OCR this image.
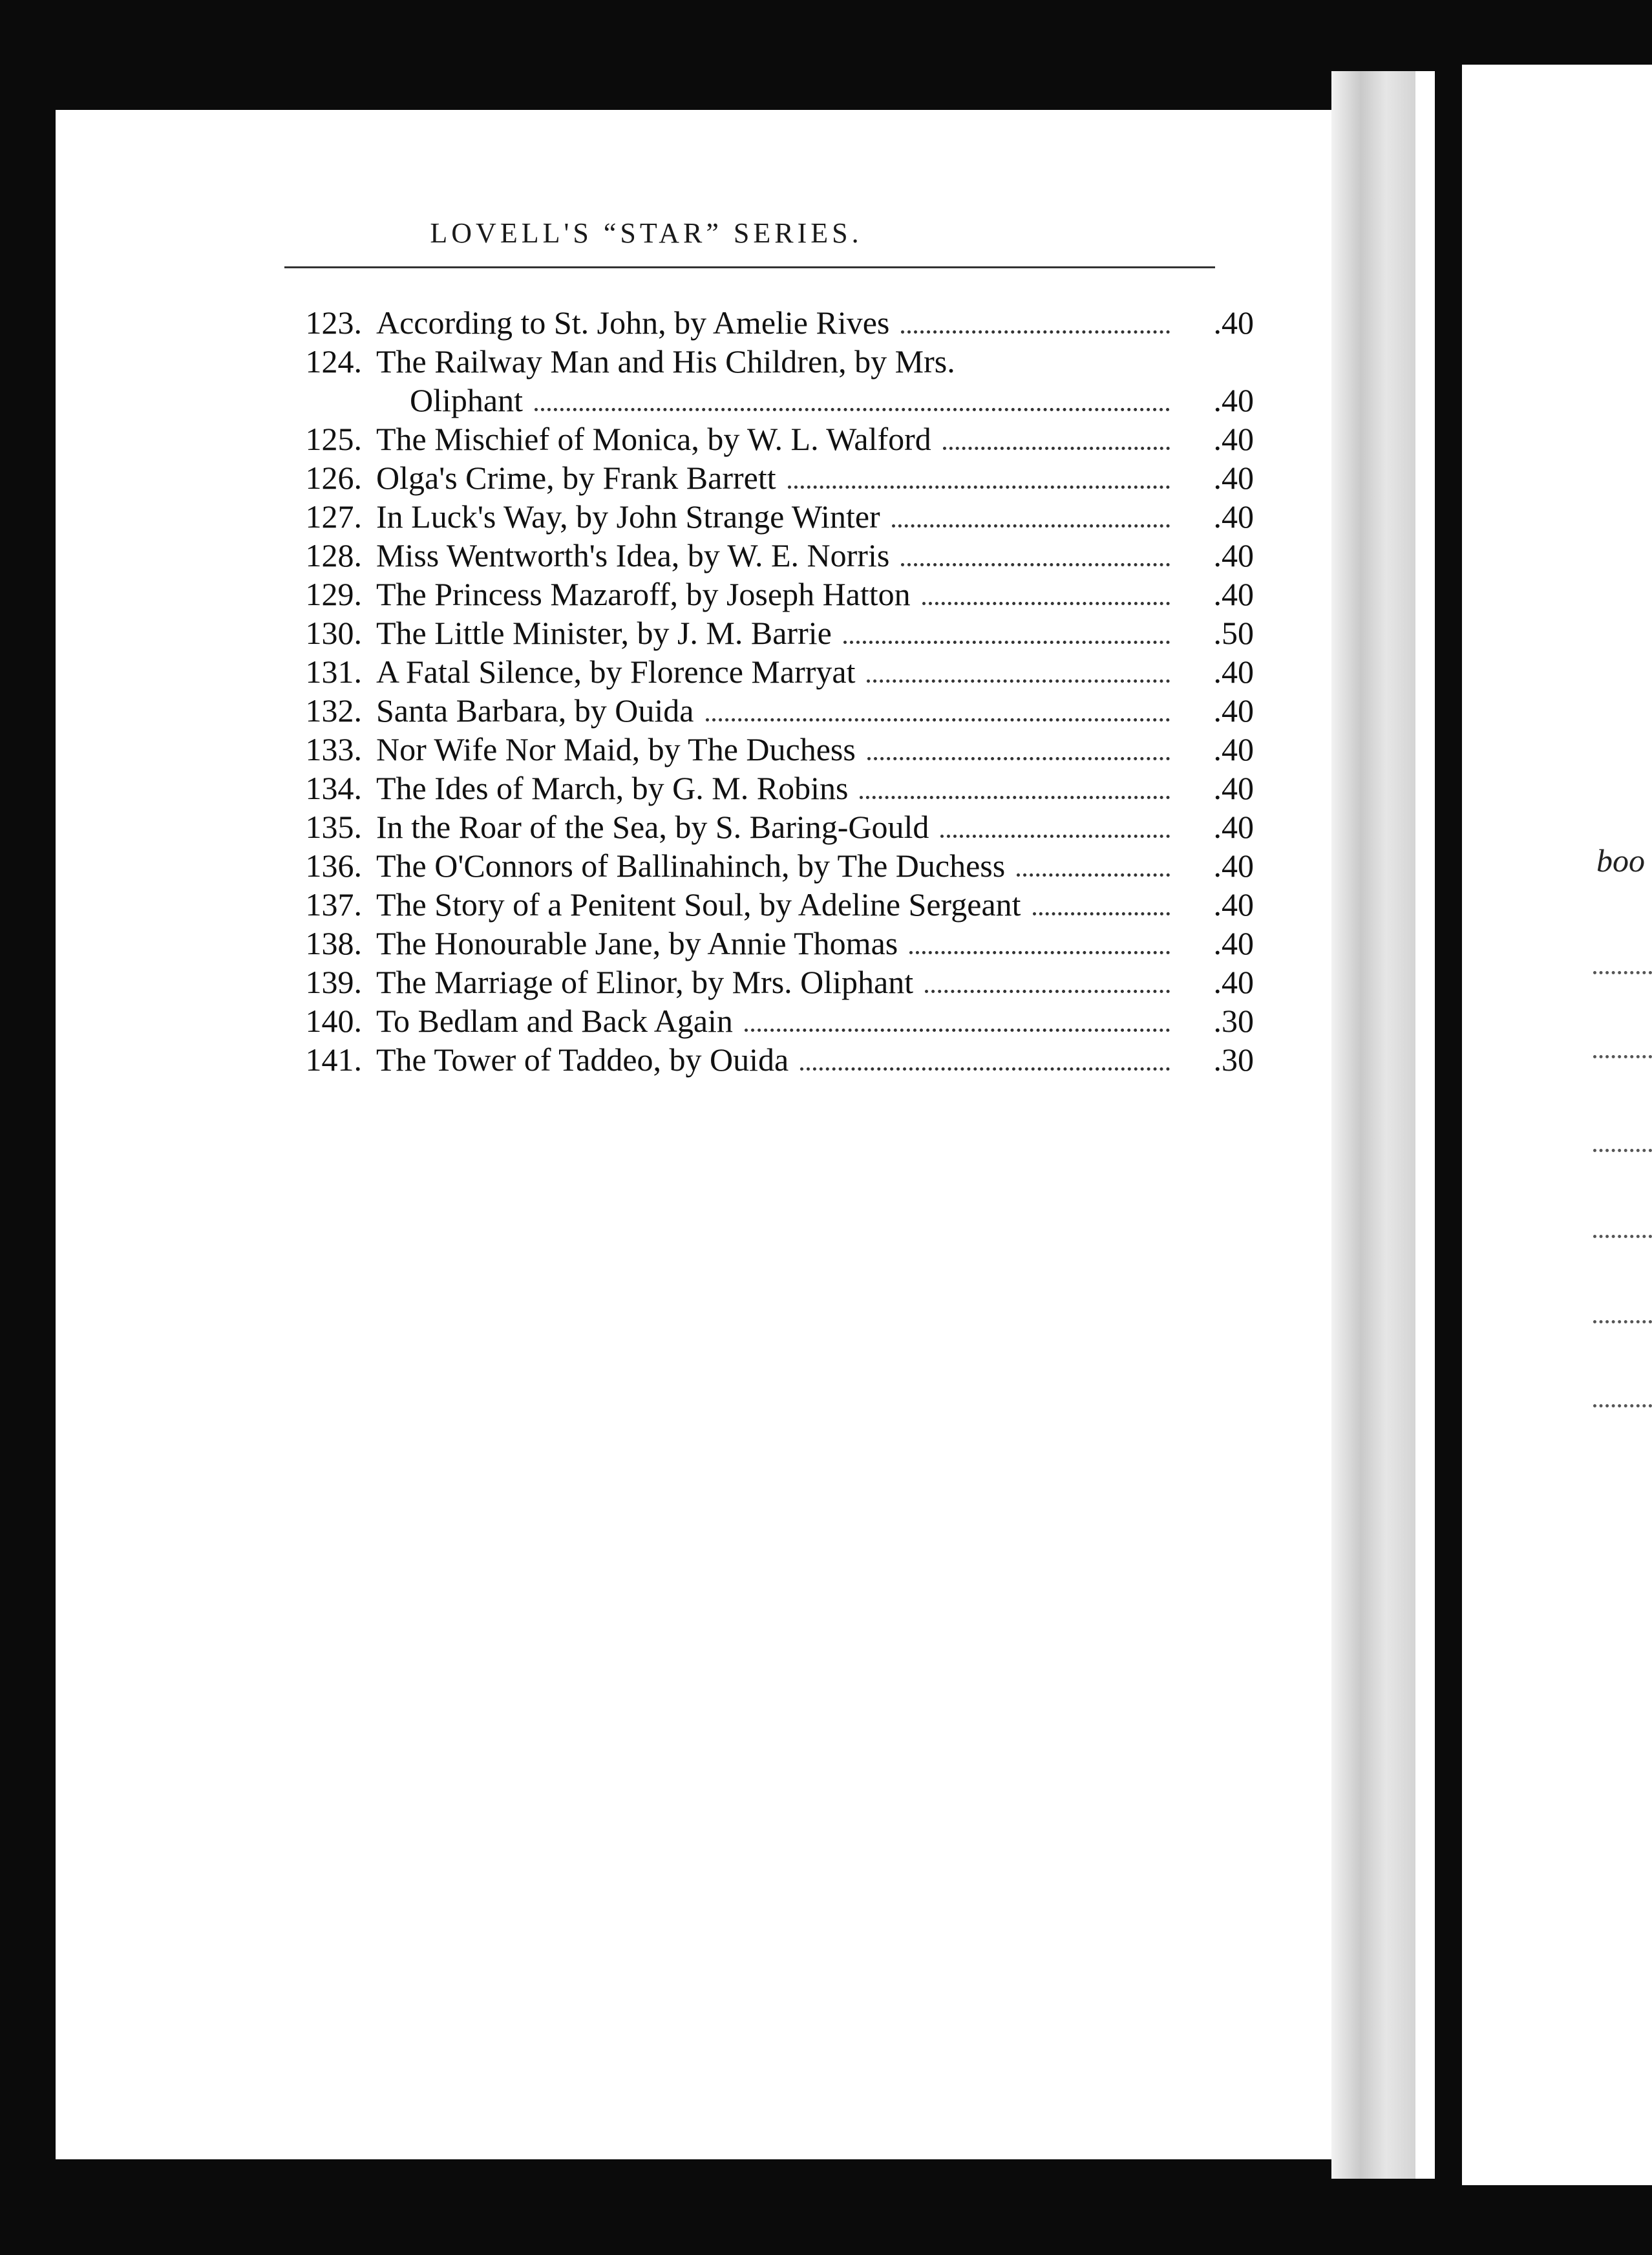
boo
LOVELL'S “STAR” SERIES.
123. According to St. John, by Amelie Rives	.40
124. The Railway Man and His Children, by Mrs.
Oliphant	.40
125. The Mischief of Monica, by W. L. Walford	.40
126. Olga's Crime, by Frank Barrett	.40
127. In Luck's Way, by John Strange Winter	.40
128. Miss Wentworth's Idea, by W. E. Norris	.40
129. The Princess Mazaroff, by Joseph Hatton	.40
130. The Little Minister, by J. M. Barrie	.50
131. A Fatal Silence, by Florence Marryat	.40
132. Santa Barbara, by Ouida	.40
133. Nor Wife Nor Maid, by The Duchess	.40
134. The Ides of March, by G. M. Robins	.40
135. In the Roar of the Sea, by S. Baring-Gould	.40
136. The O'Connors of Ballinahinch, by The Duchess	.40
137. The Story of a Penitent Soul, by Adeline Sergeant	.40
138. The Honourable Jane, by Annie Thomas	.40
139. The Marriage of Elinor, by Mrs. Oliphant	.40
140. To Bedlam and Back Again	.30
141. The Tower of Taddeo, by Ouida	.30
